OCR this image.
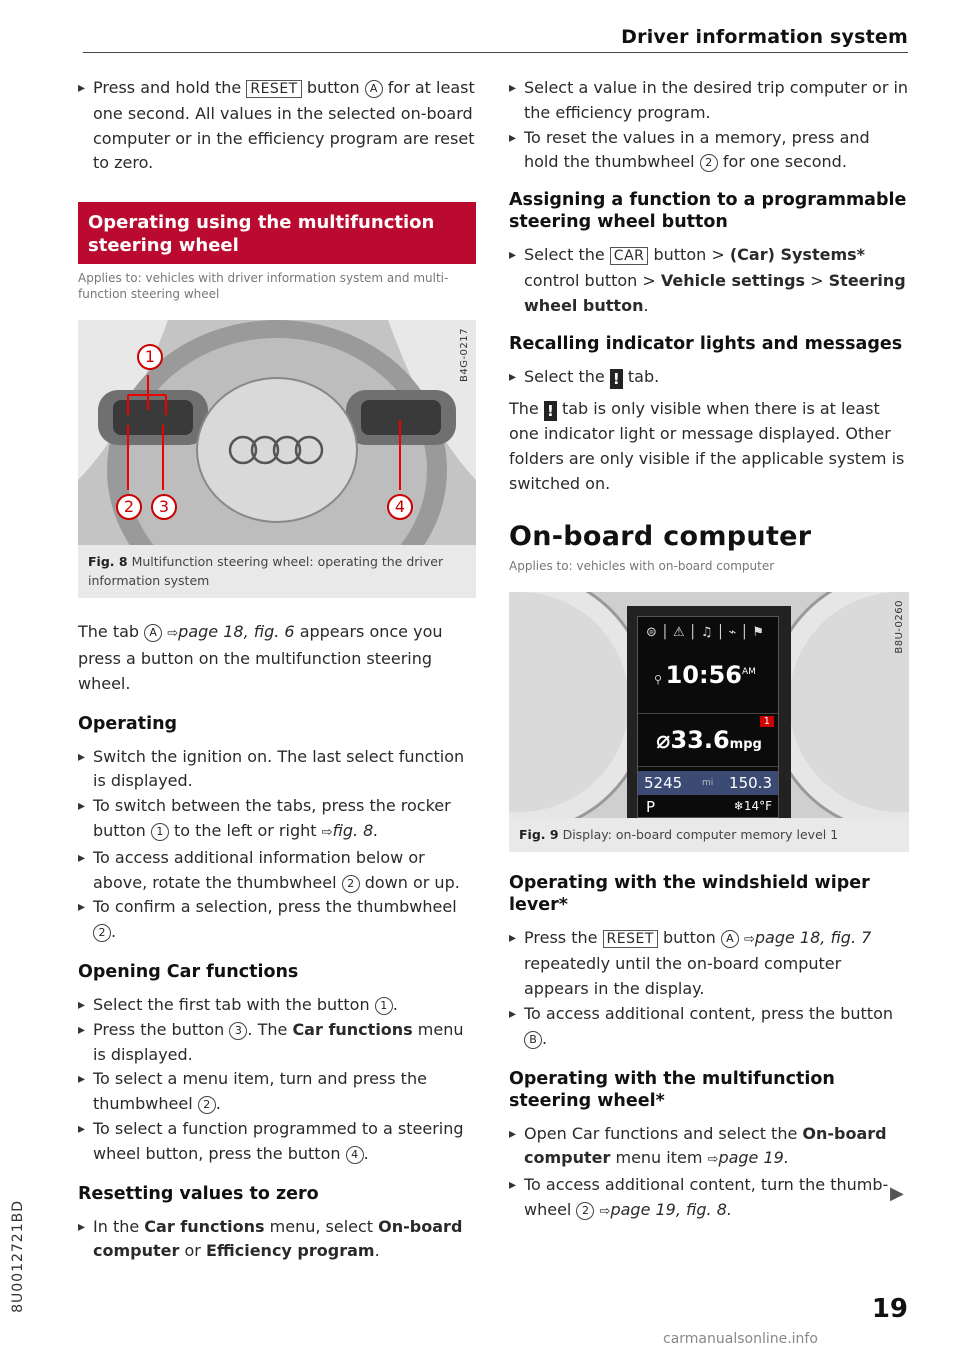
Driver information system
▸ Press and hold the RESET button A for at least one second. All values in the selected on-board computer or in the efficiency program are reset to zero.
Operating using the multifunction steering wheel
Applies to: vehicles with driver information system and multi-function steering wheel
1
2	3	4
B4G-0217
Fig. 8 Multifunction steering wheel: operating the driver information system

The tab A ⇨page 18, fig. 6 appears once you press a button on the multifunction steering wheel.

Operating
▸ Switch the ignition on. The last select function is displayed.
▸ To switch between the tabs, press the rocker button 1 to the left or right ⇨fig. 8.
▸ To access additional information below or above, rotate the thumbwheel 2 down or up.
▸ To confirm a selection, press the thumbwheel 2 .
Opening Car functions
▸ Select the first tab with the button 1 .
▸ Press the button 3 . The Car functions menu is displayed.
▸ To select a menu item, turn and press the thumbwheel 2 .
▸ To select a function programmed to a steering wheel button, press the button 4 .
Resetting values to zero
▸ In the Car functions menu, select On-board computer or Efficiency program.
▸ Select a value in the desired trip computer or in the efficiency program.
▸ To reset the values in a memory, press and hold the thumbwheel 2 for one second.
Assigning a function to a programmable steering wheel button
▸ Select the CAR button > (Car) Systems* control button > Vehicle settings > Steering wheel button.
Recalling indicator lights and messages
▸ Select the ! tab.

The ! tab is only visible when there is at least one indicator light or message displayed. Other folders are only visible if the applicable system is switched on.

On-board computer
Applies to: vehicles with on-board computer
⊜ │ ⚠ │ ♫ │ ⌁ │ ⚑
⚲ $10:56^{AM}$
1
⌀33.6mpg
5245 mi 150.3
P	❄14°F
B8U-0260
Fig. 9 Display: on-board computer memory level 1
Operating with the windshield wiper lever*
▸ Press the RESET button A ⇨page 18, fig. 7 repeatedly until the on-board computer appears in the display.
▸ To access additional content, press the button B .
Operating with the multifunction steering wheel*
▸ Open Car functions and select the On-board computer menu item ⇨page 19.
▸ To access additional content, turn the thumb-wheel 2 ⇨page 19, fig. 8.
▶
8U0012721BD	19
carmanualsonline.info
